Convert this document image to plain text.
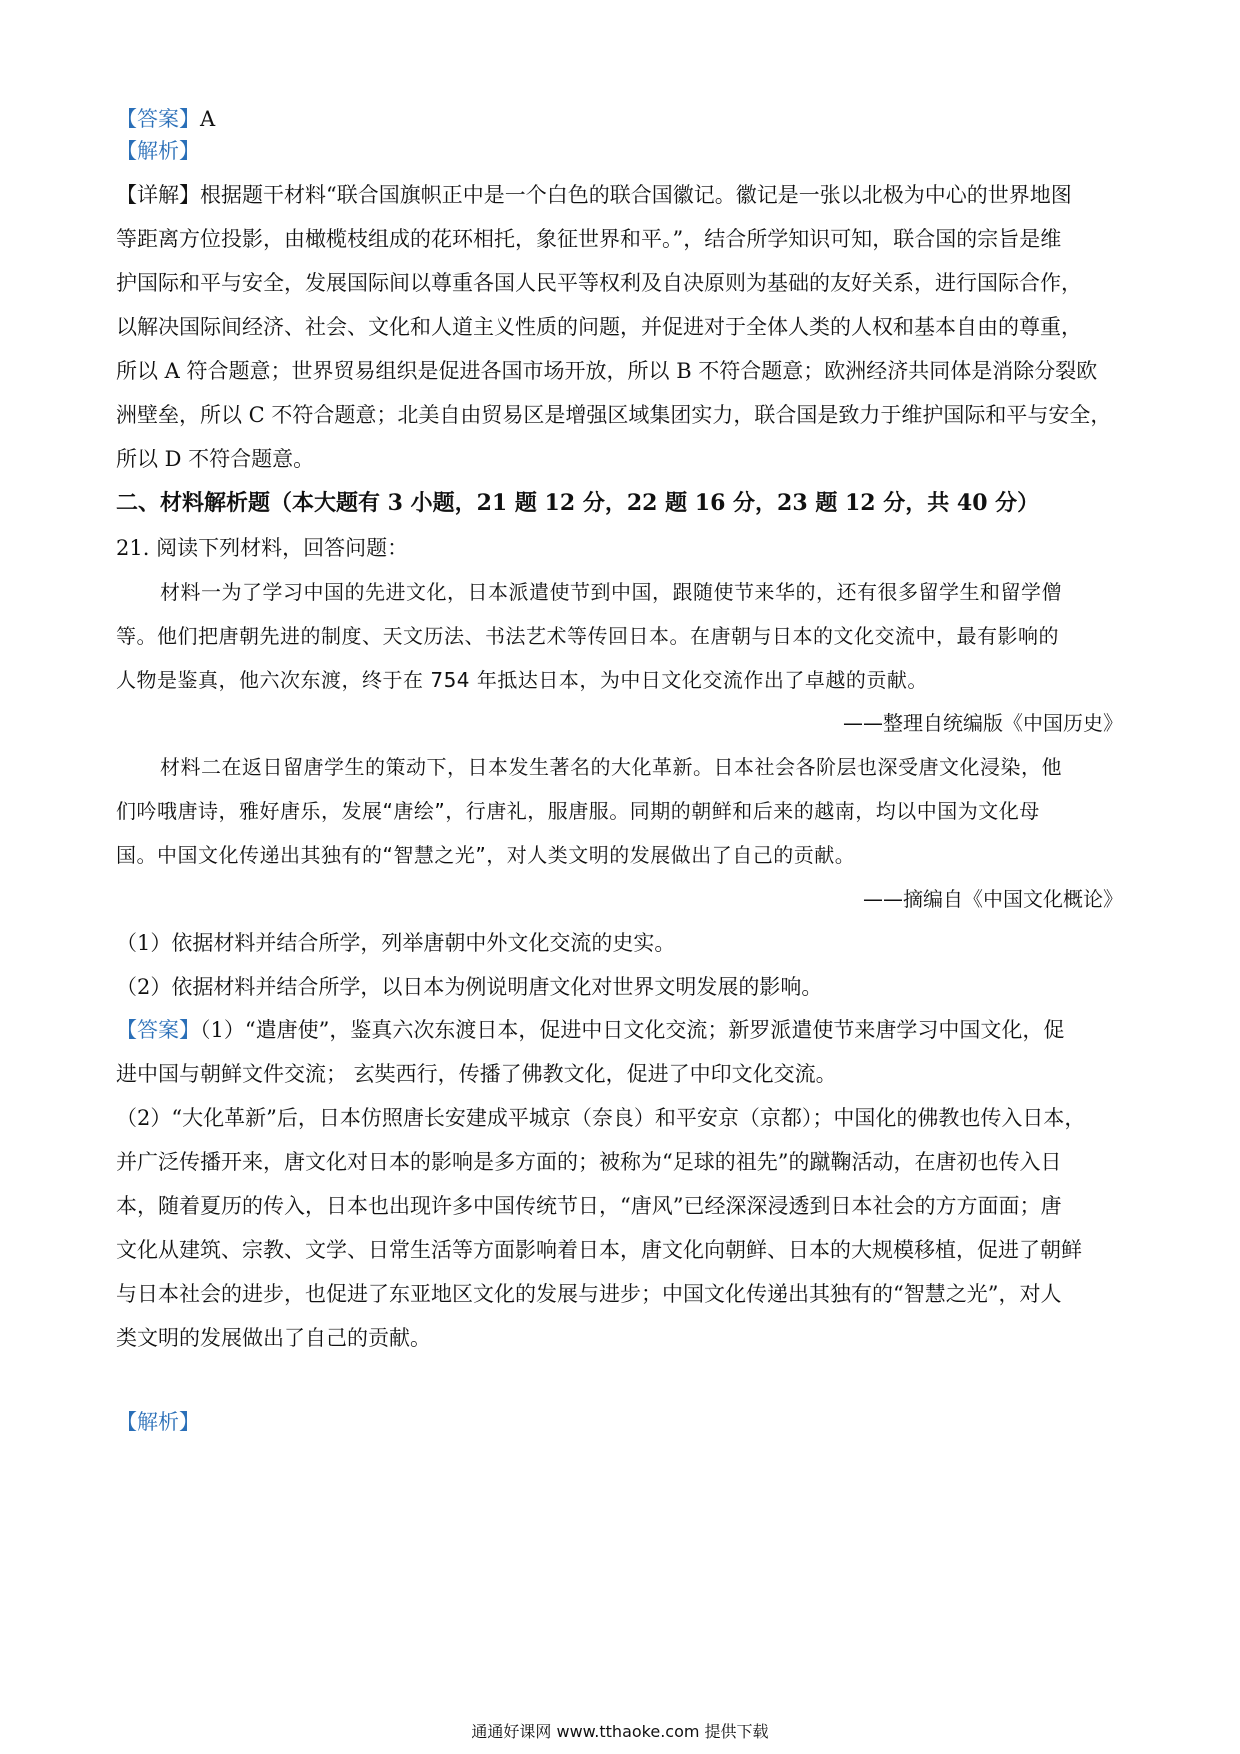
【答案】A
【解析】
【详解】根据题干材料“联合国旗帜正中是一个白色的联合国徽记。徽记是一张以北极为中心的世界地图
等距离方位投影，由橄榄枝组成的花环相托，象征世界和平。”，结合所学知识可知，联合国的宗旨是维
护国际和平与安全，发展国际间以尊重各国人民平等权利及自决原则为基础的友好关系，进行国际合作，
以解决国际间经济、社会、文化和人道主义性质的问题，并促进对于全体人类的人权和基本自由的尊重，
所以 A 符合题意；世界贸易组织是促进各国市场开放，所以 B 不符合题意；欧洲经济共同体是消除分裂欧
洲壁垒，所以 C 不符合题意；北美自由贸易区是增强区域集团实力，联合国是致力于维护国际和平与安全，
所以 D 不符合题意。
二、材料解析题（本大题有 3 小题，21 题 12 分，22 题 16 分，23 题 12 分，共 40 分）
21. 阅读下列材料，回答问题：
材料一为了学习中国的先进文化，日本派遣使节到中国，跟随使节来华的，还有很多留学生和留学僧
等。他们把唐朝先进的制度、天文历法、书法艺术等传回日本。在唐朝与日本的文化交流中，最有影响的
人物是鉴真，他六次东渡，终于在 754 年抵达日本，为中日文化交流作出了卓越的贡献。
——整理自统编版《中国历史》
材料二在返日留唐学生的策动下，日本发生著名的大化革新。日本社会各阶层也深受唐文化浸染，他
们吟哦唐诗，雅好唐乐，发展“唐绘”，行唐礼，服唐服。同期的朝鲜和后来的越南，均以中国为文化母
国。中国文化传递出其独有的“智慧之光”，对人类文明的发展做出了自己的贡献。
——摘编自《中国文化概论》
（1）依据材料并结合所学，列举唐朝中外文化交流的史实。
（2）依据材料并结合所学，以日本为例说明唐文化对世界文明发展的影响。
【答案】（1）“遣唐使”，鉴真六次东渡日本，促进中日文化交流；新罗派遣使节来唐学习中国文化，促
进中国与朝鲜文件交流； 玄奘西行，传播了佛教文化，促进了中印文化交流。
（2）“大化革新”后，日本仿照唐长安建成平城京（奈良）和平安京（京都）；中国化的佛教也传入日本，
并广泛传播开来，唐文化对日本的影响是多方面的；被称为“足球的祖先”的蹴鞠活动，在唐初也传入日
本，随着夏历的传入，日本也出现许多中国传统节日，“唐风”已经深深浸透到日本社会的方方面面；唐
文化从建筑、宗教、文学、日常生活等方面影响着日本，唐文化向朝鲜、日本的大规模移植，促进了朝鲜
与日本社会的进步，也促进了东亚地区文化的发展与进步；中国文化传递出其独有的“智慧之光”，对人
类文明的发展做出了自己的贡献。
【解析】
通通好课网 www.tthaoke.com 提供下载
